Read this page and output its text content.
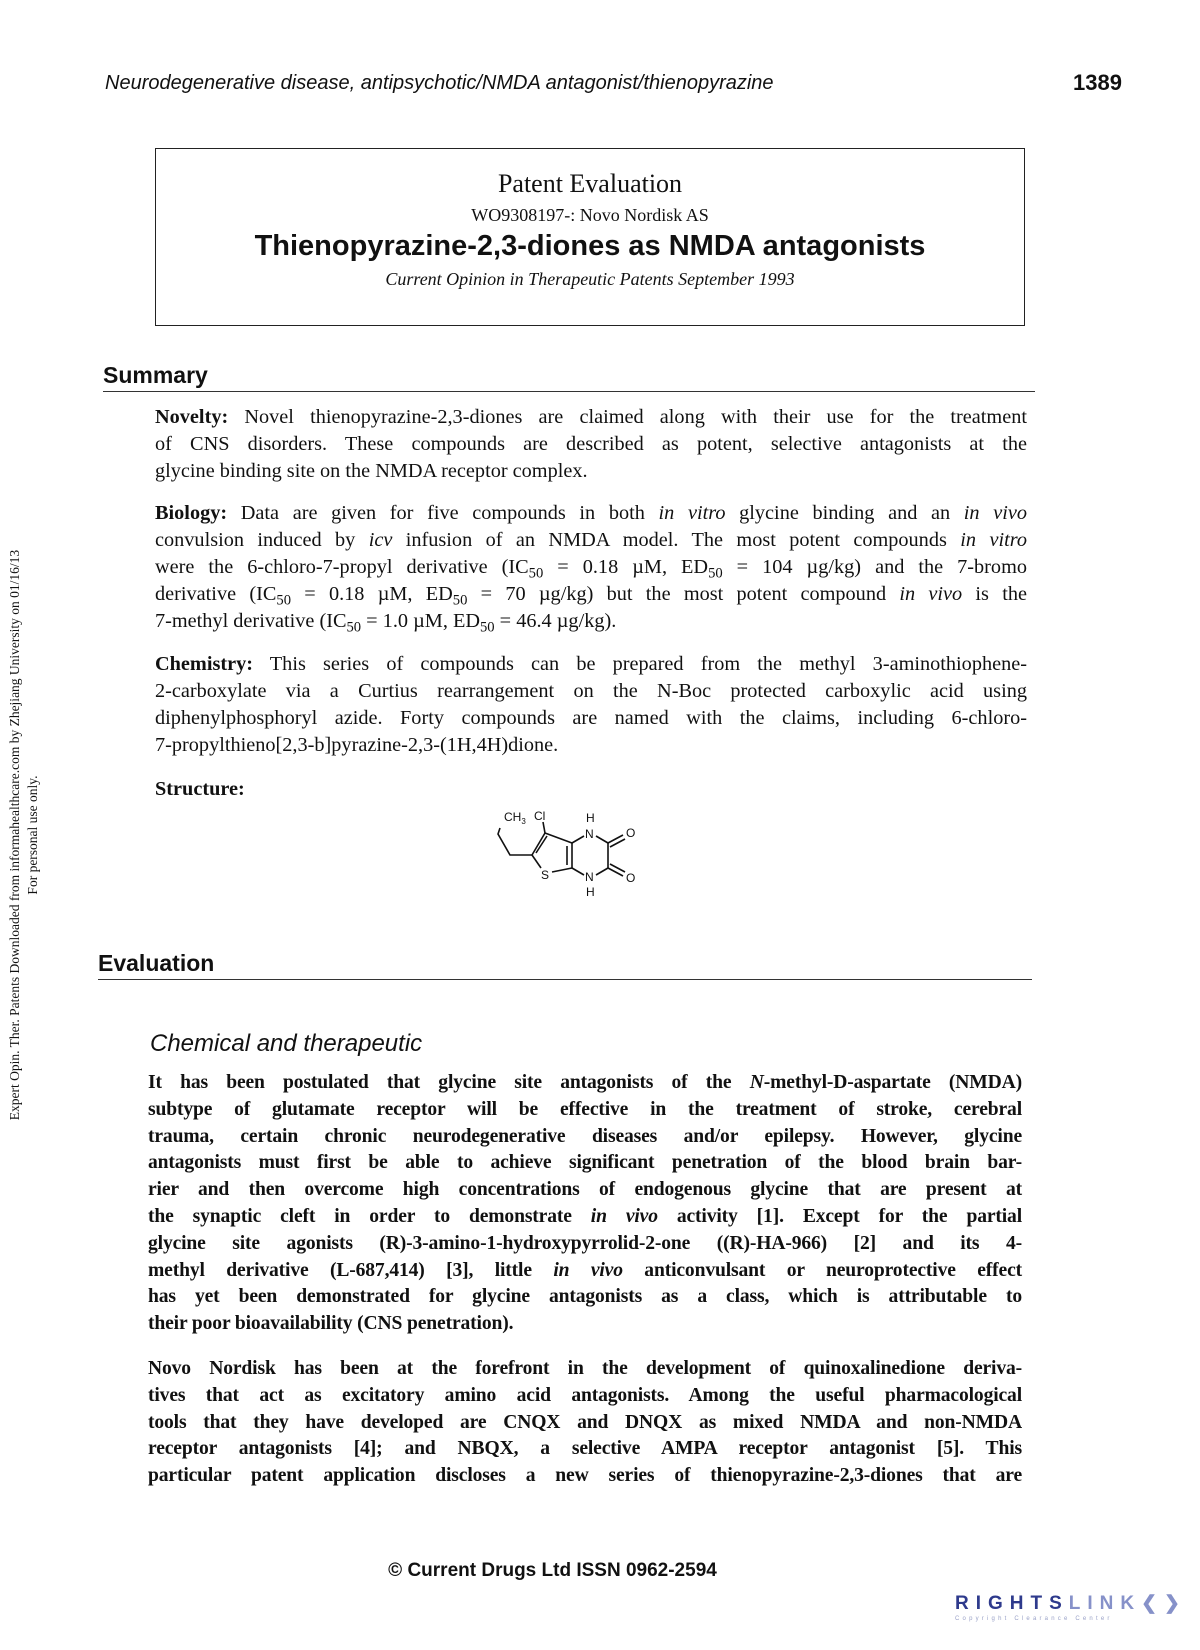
Neurodegenerative disease, antipsychotic/NMDA antagonist/thienopyrazine	1389
Patent Evaluation
WO9308197-: Novo Nordisk AS
Thienopyrazine-2,3-diones as NMDA antagonists
Current Opinion in Therapeutic Patents September 1993
Summary
Novelty: Novel thienopyrazine-2,3-diones are claimed along with their use for the treatment
of CNS disorders. These compounds are described as potent, selective antagonists at the
glycine binding site on the NMDA receptor complex.
Biology: Data are given for five compounds in both in vitro glycine binding and an in vivo
convulsion induced by icv infusion of an NMDA model. The most potent compounds in vitro
were the 6-chloro-7-propyl derivative ($IC_{50} = 0.18$ µM, $ED_{50} = 104$ µg/kg) and the 7-bromo
derivative ($IC_{50} = 0.18$ µM, $ED_{50} = 70$ µg/kg) but the most potent compound in vivo is the
7-methyl derivative ($IC_{50} = 1.0$ µM, $ED_{50} = 46.4$ µg/kg).
Chemistry: This series of compounds can be prepared from the methyl 3-aminothiophene-
2-carboxylate via a Curtius rearrangement on the N-Boc protected carboxylic acid using
diphenylphosphoryl azide. Forty compounds are named with the claims, including 6-chloro-
7-propylthieno[2,3-b]pyrazine-2,3-(1H,4H)dione.
Structure:
$CH_3$ Cl
S
N
H
N
H
O
O
Evaluation
Chemical and therapeutic
It has been postulated that glycine site antagonists of the N-methyl-D-aspartate (NMDA)
subtype of glutamate receptor will be effective in the treatment of stroke, cerebral
trauma, certain chronic neurodegenerative diseases and/or epilepsy. However, glycine
antagonists must first be able to achieve significant penetration of the blood brain bar-
rier and then overcome high concentrations of endogenous glycine that are present at
the synaptic cleft in order to demonstrate in vivo activity [1]. Except for the partial
glycine site agonists (R)-3-amino-1-hydroxypyrrolid-2-one ((R)-HA-966) [2] and its 4-
methyl derivative (L-687,414) [3], little in vivo anticonvulsant or neuroprotective effect
has yet been demonstrated for glycine antagonists as a class, which is attributable to
their poor bioavailability (CNS penetration).
Novo Nordisk has been at the forefront in the development of quinoxalinedione deriva-
tives that act as excitatory amino acid antagonists. Among the useful pharmacological
tools that they have developed are CNQX and DNQX as mixed NMDA and non-NMDA
receptor antagonists [4]; and NBQX, a selective AMPA receptor antagonist [5]. This
particular patent application discloses a new series of thienopyrazine-2,3-diones that are
© Current Drugs Ltd ISSN 0962-2594
Expert Opin. Ther. Patents Downloaded from informahealthcare.com by Zhejiang University on 01/16/13 For personal use only.
RIGHTSLINK❮❯
Copyright Clearance Center
